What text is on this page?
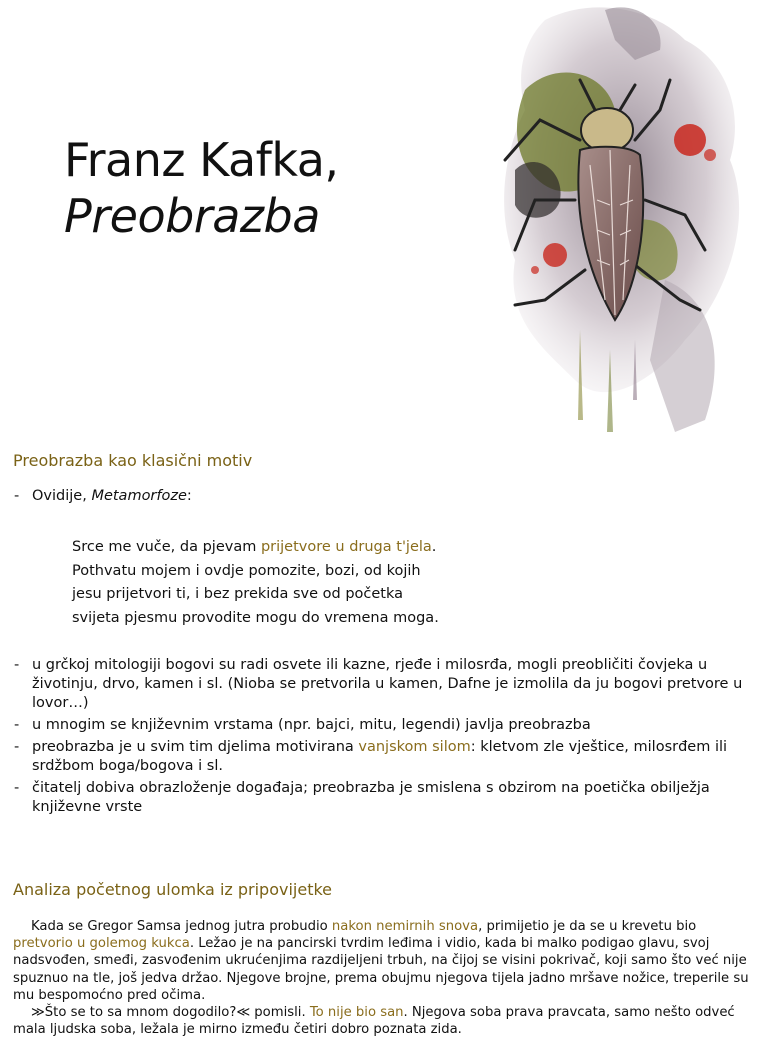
Franz Kafka,
Preobrazba
Preobrazba kao klasični motiv
- Ovidije, Metamorfoze:
Srce me vuče, da pjevam prijetvore u druga t'jela.
Pothvatu mojem i ovdje pomozite, bozi, od kojih
jesu prijetvori ti, i bez prekida sve od početka
svijeta pjesmu provodite mogu do vremena moga.
- u grčkoj mitologiji bogovi su radi osvete ili kazne, rjeđe i milosrđa, mogli preobličiti čovjeka u životinju, drvo, kamen i sl. (Nioba se pretvorila u kamen, Dafne je izmolila da ju bogovi pretvore u lovor…)
- u mnogim se književnim vrstama (npr. bajci, mitu, legendi) javlja preobrazba
- preobrazba je u svim tim djelima motivirana vanjskom silom: kletvom zle vještice, milosrđem ili srdžbom boga/bogova i sl.
- čitatelj dobiva obrazloženje događaja; preobrazba je smislena s obzirom na poetička obilježja književne vrste
Analiza početnog ulomka iz pripovijetke

Kada se Gregor Samsa jednog jutra probudio nakon nemirnih snova, primijetio je da se u krevetu bio pretvorio u golemog kukca. Ležao je na pancirski tvrdim leđima i vidio, kada bi malko podigao glavu, svoj nadsvođen, smeđi, zasvođenim ukrućenjima razdijeljeni trbuh, na čijoj se visini pokrivač, koji samo što već nije spuznuo na tle, još jedva držao. Njegove brojne, prema obujmu njegova tijela jadno mršave nožice, treperile su mu bespomoćno pred očima.

≫Što se to sa mnom dogodilo?≪ pomisli. To nije bio san. Njegova soba prava pravcata, samo nešto odveć mala ljudska soba, ležala je mirno između četiri dobro poznata zida.
